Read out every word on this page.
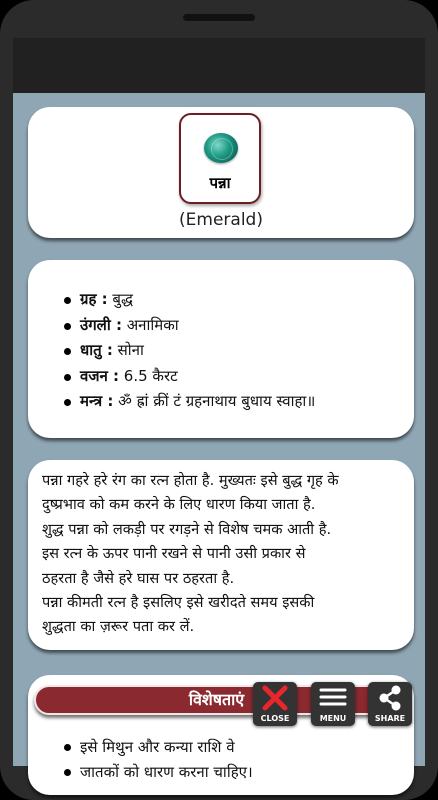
पन्ना
(Emerald)
ग्रह : बुद्ध
उंगली : अनामिका
धातु : सोना
वजन : 6.5 कैरट
मन्त्र : ॐ ह्रां क्रीं टं ग्रहनाथाय बुधाय स्वाहा॥
पन्ना गहरे हरे रंग का रत्न होता है. मुख्यतः इसे बुद्ध गृह के
दुष्प्रभाव को कम करने के लिए धारण किया जाता है.
शुद्ध पन्ना को लकड़ी पर रगड़ने से विशेष चमक आती है.
इस रत्न के ऊपर पानी रखने से पानी उसी प्रकार से
ठहरता है जैसे हरे घास पर ठहरता है.
पन्ना कीमती रत्न है इसलिए इसे खरीदते समय इसकी
शुद्धता का ज़रूर पता कर लें.
विशेषताएं
इसे मिथुन और कन्या राशि वे
जातकों को धारण करना चाहिए।
CLOSE	MENU	SHARE
